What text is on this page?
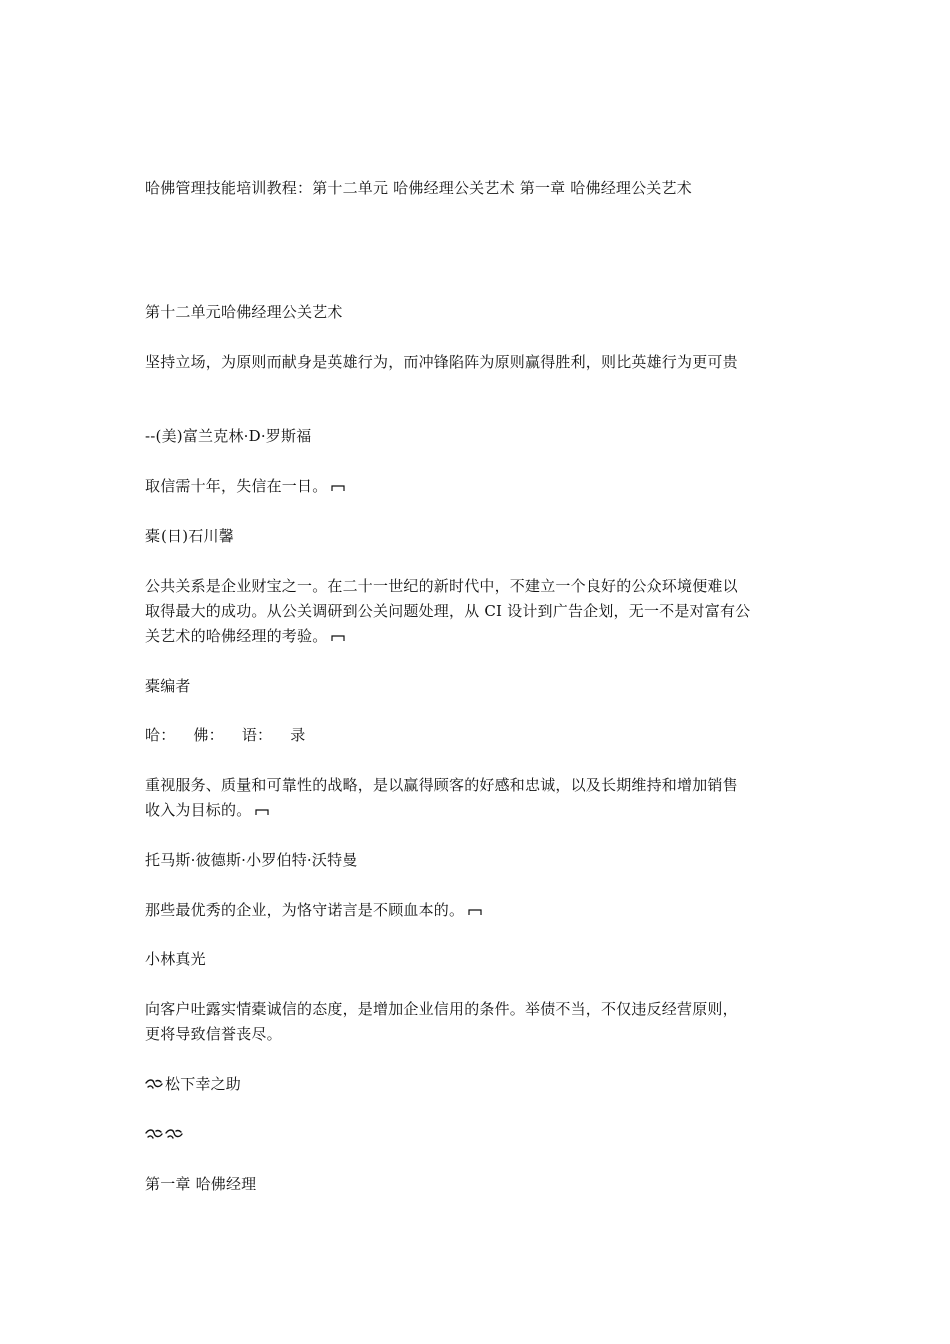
哈佛管理技能培训教程：第十二单元 哈佛经理公关艺术 第一章 哈佛经理公关艺术
第十二单元哈佛经理公关艺术
坚持立场，为原则而献身是英雄行为，而冲锋陷阵为原则赢得胜利，则比英雄行为更可贵
--(美)富兰克林·D·罗斯福
取信需十年，失信在一日。
橐 (日)石川馨
公共关系是企业财宝之一。在二十一世纪的新时代中，不建立一个良好的公众环境便难以
取得最大的成功。从公关调研到公关问题处理，从 CI 设计到广告企划，无一不是对富有公
关艺术的哈佛经理的考验。
橐编者
哈： 佛： 语： 录
重视服务、质量和可靠性的战略，是以赢得顾客的好感和忠诚，以及长期维持和增加销售
收入为目标的。
托马斯·彼德斯·小罗伯特·沃特曼
那些最优秀的企业，为恪守诺言是不顾血本的。
小林真光
向客户吐露实情橐诚信的态度，是增加企业信用的条件。举债不当，不仅违反经营原则，
更将导致信誉丧尽。
松下幸之助
第一章 哈佛经理
